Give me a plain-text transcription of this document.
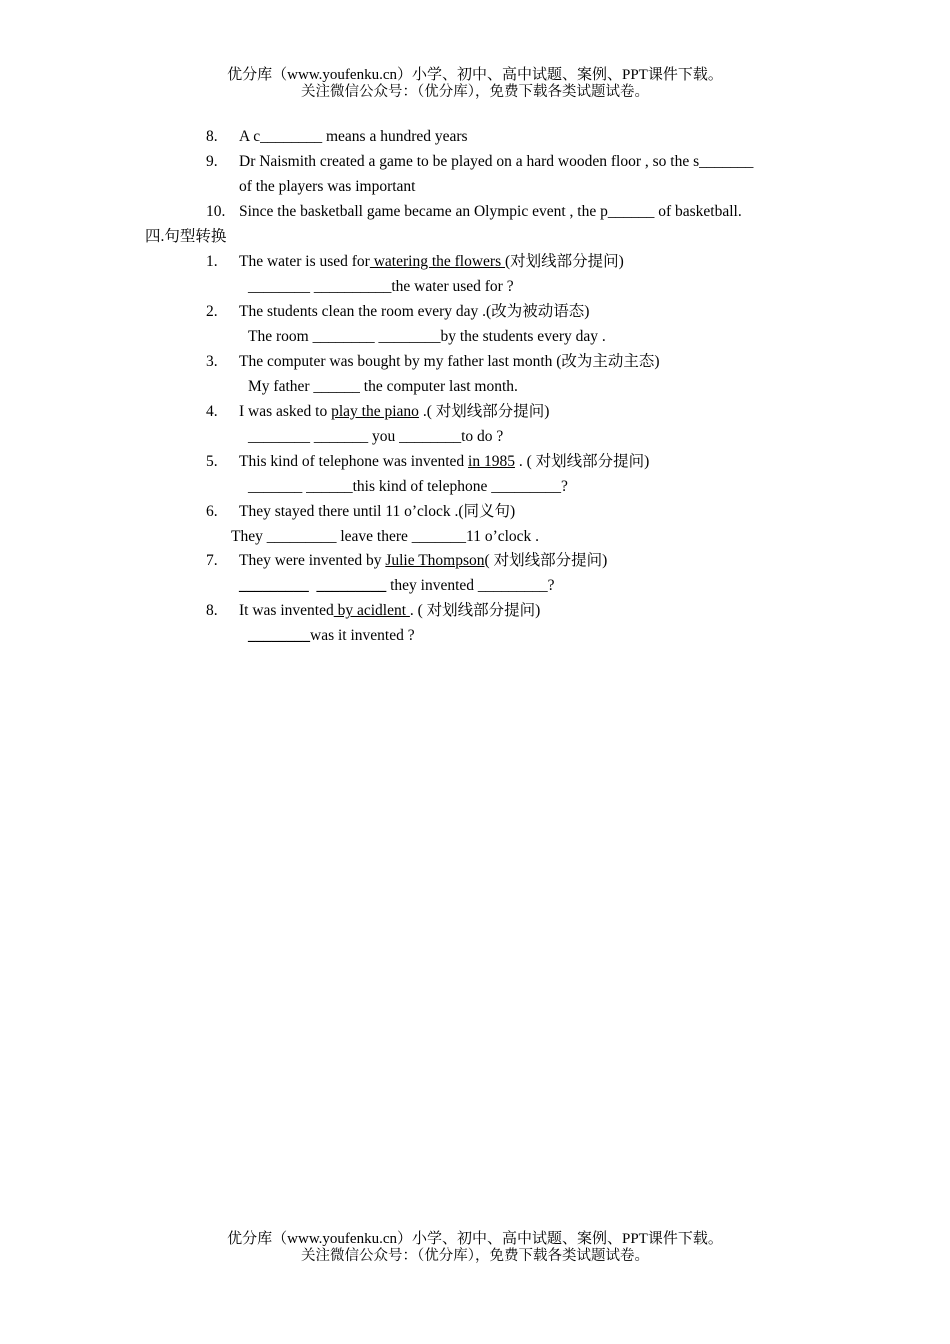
优分库（www.youfenku.cn）小学、初中、高中试题、案例、PPT课件下载。
关注微信公众号：（优分库），免费下载各类试题试卷。
8. A c________ means a hundred years
9. Dr Naismith created a game to be played on a hard wooden floor , so the s_______
of the players was important
10. Since the basketball game became an Olympic event , the p______ of basketball.
四.句型转换
1. The water is used for watering the flowers (对划线部分提问)
________ __________the water used for ?
2. The students clean the room every day .(改为被动语态)
The room ________ ________by the students every day .
3. The computer was bought by my father last month (改为主动主态)
My father ______ the computer last month.
4. I was asked to play the piano .( 对划线部分提问)
________ _______ you ________to do ?
5. This kind of telephone was invented in 1985 . ( 对划线部分提问)
_______ ______this kind of telephone _________?
6. They stayed there until 11 o’clock .(同义句)
They _________ leave there _______11 o’clock .
7. They were invented by Julie Thompson( 对划线部分提问)
_________ _________ they invented _________?
8. It was invented by acidlent . ( 对划线部分提问)
________was it invented ?
优分库（www.youfenku.cn）小学、初中、高中试题、案例、PPT课件下载。
关注微信公众号：（优分库），免费下载各类试题试卷。
